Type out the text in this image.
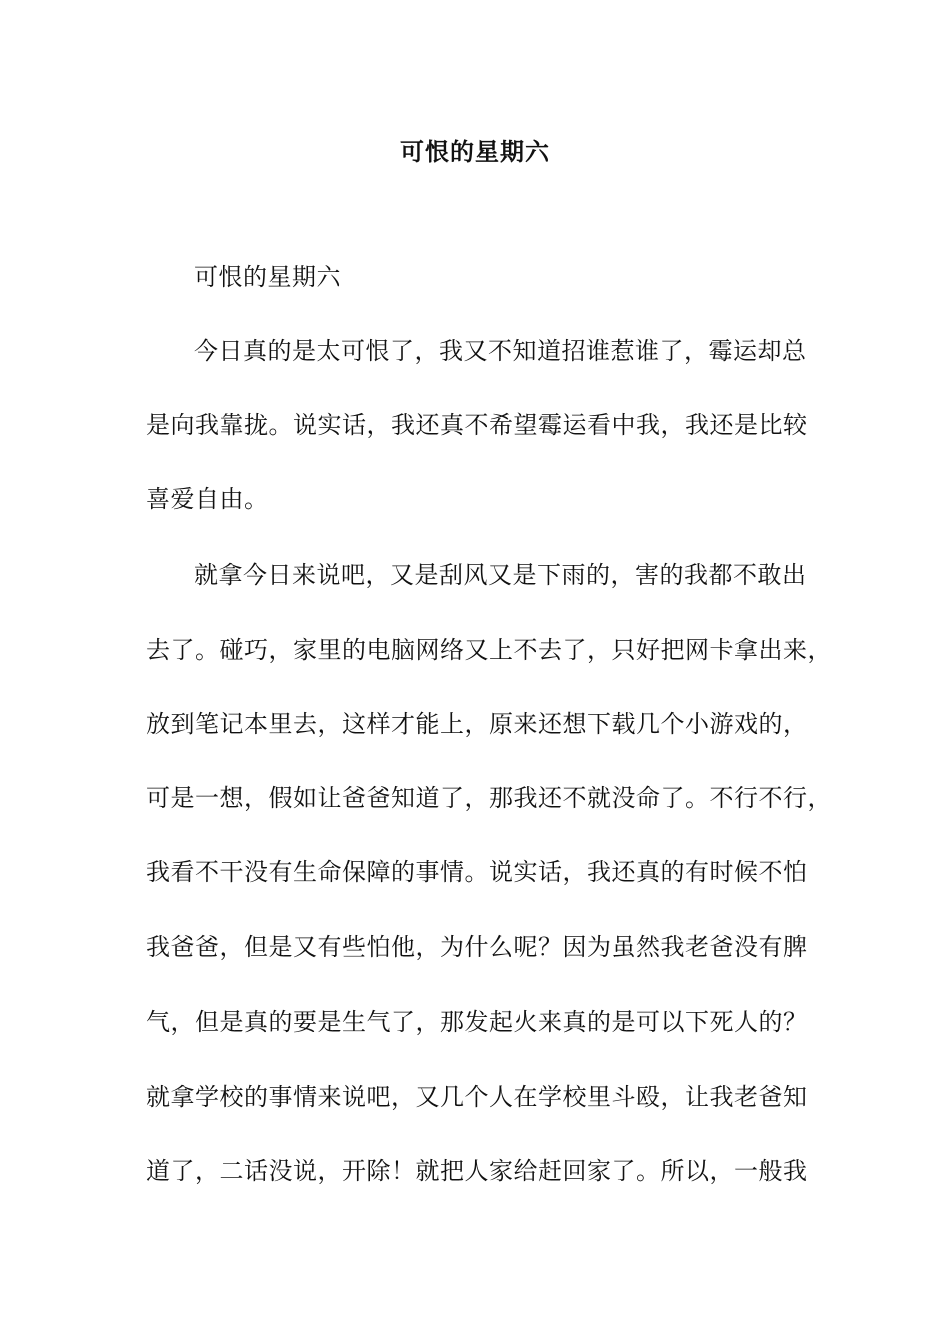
可恨的星期六
可恨的星期六
今日真的是太可恨了，我又不知道招谁惹谁了，霉运却总
是向我靠拢。说实话，我还真不希望霉运看中我，我还是比较
喜爱自由。
就拿今日来说吧，又是刮风又是下雨的，害的我都不敢出
去了。碰巧，家里的电脑网络又上不去了，只好把网卡拿出来，
放到笔记本里去，这样才能上，原来还想下载几个小游戏的，
可是一想，假如让爸爸知道了，那我还不就没命了。不行不行，
我看不干没有生命保障的事情。说实话，我还真的有时候不怕
我爸爸，但是又有些怕他，为什么呢？因为虽然我老爸没有脾
气，但是真的要是生气了，那发起火来真的是可以下死人的？
就拿学校的事情来说吧，又几个人在学校里斗殴，让我老爸知
道了，二话没说，开除！就把人家给赶回家了。所以，一般我
